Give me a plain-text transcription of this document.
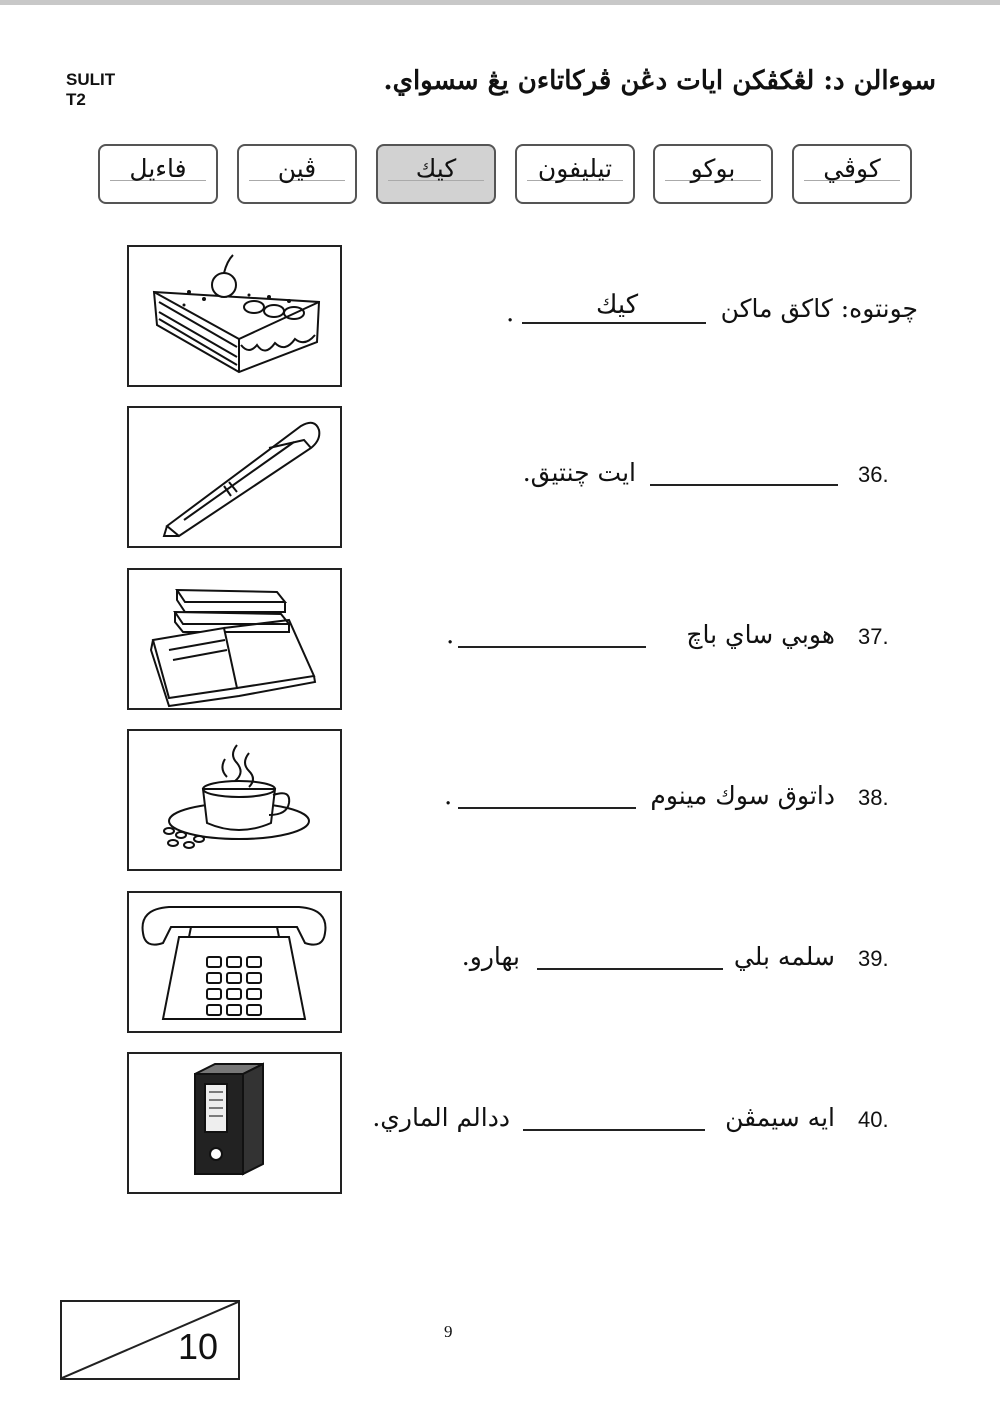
SULIT
T2
سوءالن د: لڠكڤكن ايات دڠن ڤركاتاءن يڠ سسواي.
كوڤي
بوكو
تيليفون
كيك
ڤين
فاءيل
چونتوه: كاكق ماكن
كيك
.
36.
ايت چنتيق.
37.
هوبي ساي باچ
.
38.
داتوق سوك مينوم
.
39.
سلمه بلي
بهارو.
40.
ايه سيمڤن
ددالم الماري.
10	9
